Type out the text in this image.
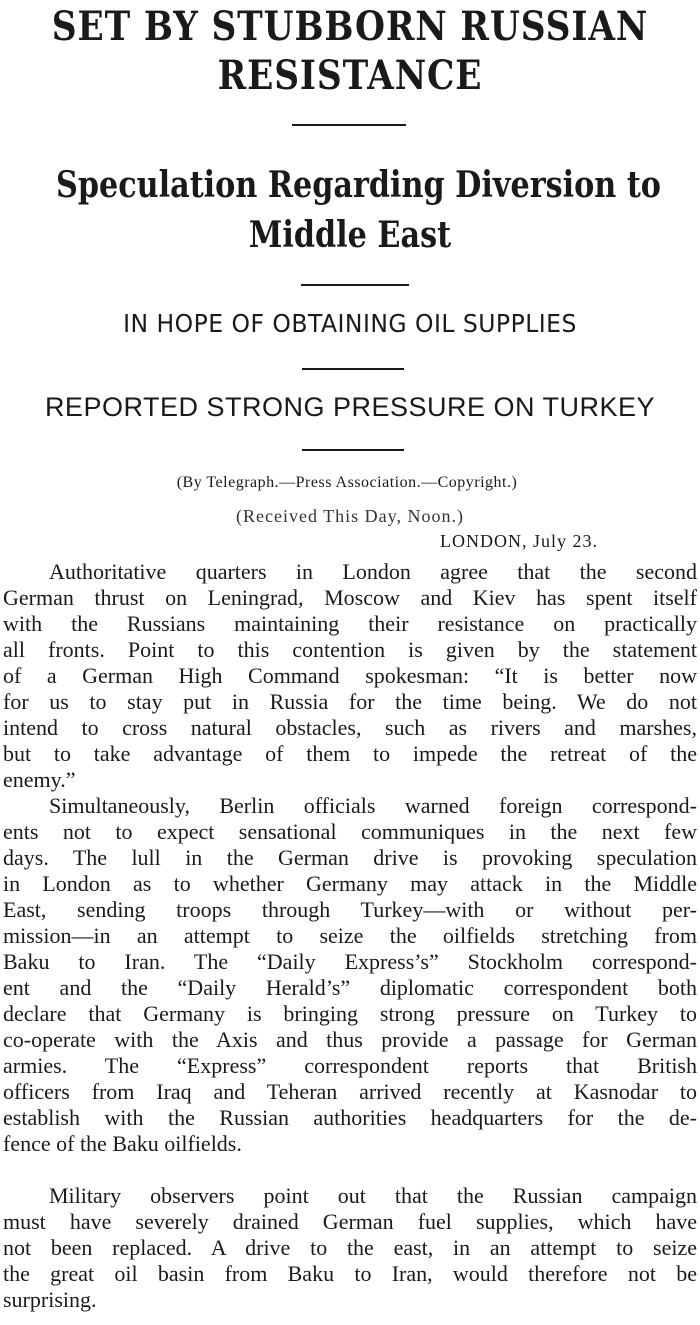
SET BY STUBBORN RUSSIAN
RESISTANCE
Speculation Regarding Diversion to
Middle East
IN HOPE OF OBTAINING OIL SUPPLIES
REPORTED STRONG PRESSURE ON TURKEY
(By Telegraph.—Press Association.—Copyright.)
(Received This Day, Noon.)
LONDON, July 23.
Authoritative quarters in London agree that the second
German thrust on Leningrad, Moscow and Kiev has spent itself
with the Russians maintaining their resistance on practically
all fronts. Point to this contention is given by the statement
of a German High Command spokesman: “It is better now
for us to stay put in Russia for the time being. We do not
intend to cross natural obstacles, such as rivers and marshes,
but to take advantage of them to impede the retreat of the
enemy.”
Simultaneously, Berlin officials warned foreign correspond-
ents not to expect sensational communiques in the next few
days. The lull in the German drive is provoking speculation
in London as to whether Germany may attack in the Middle
East, sending troops through Turkey—with or without per-
mission—in an attempt to seize the oilfields stretching from
Baku to Iran. The “Daily Express’s” Stockholm correspond-
ent and the “Daily Herald’s” diplomatic correspondent both
declare that Germany is bringing strong pressure on Turkey to
co-operate with the Axis and thus provide a passage for German
armies. The “Express” correspondent reports that British
officers from Iraq and Teheran arrived recently at Kasnodar to
establish with the Russian authorities headquarters for the de-
fence of the Baku oilfields.
Military observers point out that the Russian campaign
must have severely drained German fuel supplies, which have
not been replaced. A drive to the east, in an attempt to seize
the great oil basin from Baku to Iran, would therefore not be
surprising.
